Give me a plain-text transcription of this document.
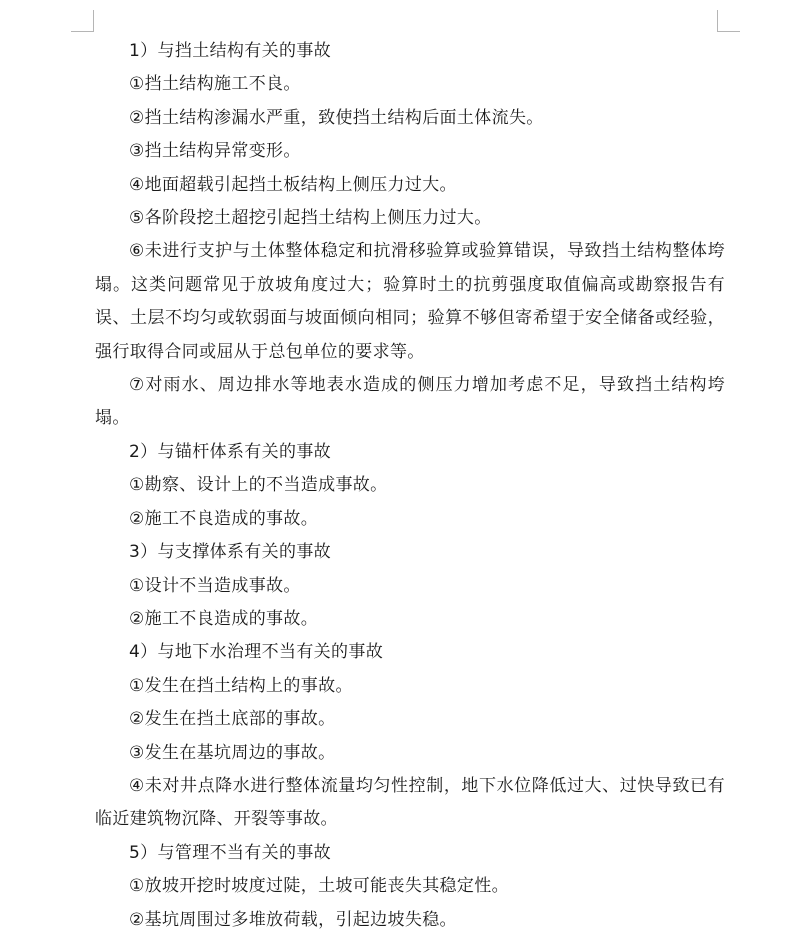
1）与挡土结构有关的事故

①挡土结构施工不良。

②挡土结构渗漏水严重，致使挡土结构后面土体流失。

③挡土结构异常变形。

④地面超载引起挡土板结构上侧压力过大。

⑤各阶段挖土超挖引起挡土结构上侧压力过大。

⑥未进行支护与土体整体稳定和抗滑移验算或验算错误，导致挡土结构整体垮塌。这类问题常见于放坡角度过大；验算时土的抗剪强度取值偏高或勘察报告有误、土层不均匀或软弱面与坡面倾向相同；验算不够但寄希望于安全储备或经验，强行取得合同或屈从于总包单位的要求等。

⑦对雨水、周边排水等地表水造成的侧压力增加考虑不足，导致挡土结构垮塌。

2）与锚杆体系有关的事故

①勘察、设计上的不当造成事故。

②施工不良造成的事故。

3）与支撑体系有关的事故

①设计不当造成事故。

②施工不良造成的事故。

4）与地下水治理不当有关的事故

①发生在挡土结构上的事故。

②发生在挡土底部的事故。

③发生在基坑周边的事故。

④未对井点降水进行整体流量均匀性控制，地下水位降低过大、过快导致已有临近建筑物沉降、开裂等事故。

5）与管理不当有关的事故

①放坡开挖时坡度过陡，土坡可能丧失其稳定性。

②基坑周围过多堆放荷载，引起边坡失稳。
